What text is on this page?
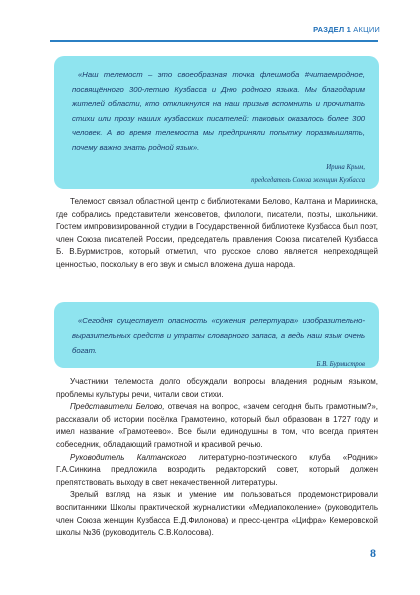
РАЗДЕЛ 1 АКЦИИ

«Наш телемост – это своеобразная точка флешмоба #читаемродное, посвящённого 300-летию Кузбасса и Дню родного языка. Мы благодарим жителей области, кто откликнулся на наш призыв вспомнить и прочитать стихи или прозу наших кузбасских писателей: таковых оказалось более 300 человек. А во время телемоста мы предприняли попытку поразмышлять, почему важно знать родной язык».

Ирина Крым,

председатель Союза женщин Кузбасса

Телемост связал областной центр с библиотеками Белово, Калтана и Мариинска, где собрались представители женсоветов, филологи, писатели, поэты, школьники. Гостем импровизированной студии в Государственной библиотеке Кузбасса был поэт, член Союза писателей России, председатель правления Союза писателей Кузбасса Б. В.Бурмистров, который отметил, что русское слово является непреходящей ценностью, поскольку в его звук и смысл вложена душа народа.

«Сегодня существует опасность «сужения репертуара» изобразительно-выразительных средств и утраты словарного запаса, а ведь наш язык очень богат.

Б.В. Бурмистров

Участники телемоста долго обсуждали вопросы владения родным языком, проблемы культуры речи, читали свои стихи.

Представители Белово, отвечая на вопрос, «зачем сегодня быть грамотным?», рассказали об истории посёлка Грамотеино, который был образован в 1727 году и имел название «Грамотеево». Все были единодушны в том, что всегда приятен собеседник, обладающий грамотной и красивой речью.

Руководитель Калтанского литературно-поэтического клуба «Родник» Г.А.Синкина предложила возродить редакторский совет, который должен препятствовать выходу в свет некачественной литературы.

Зрелый взгляд на язык и умение им пользоваться продемонстрировали воспитанники Школы практической журналистики «Медиапоколение» (руководитель член Союза женщин Кузбасса Е.Д.Филонова) и пресс-центра «Цифра» Кемеровской школы №36 (руководитель С.В.Колосова).

8
